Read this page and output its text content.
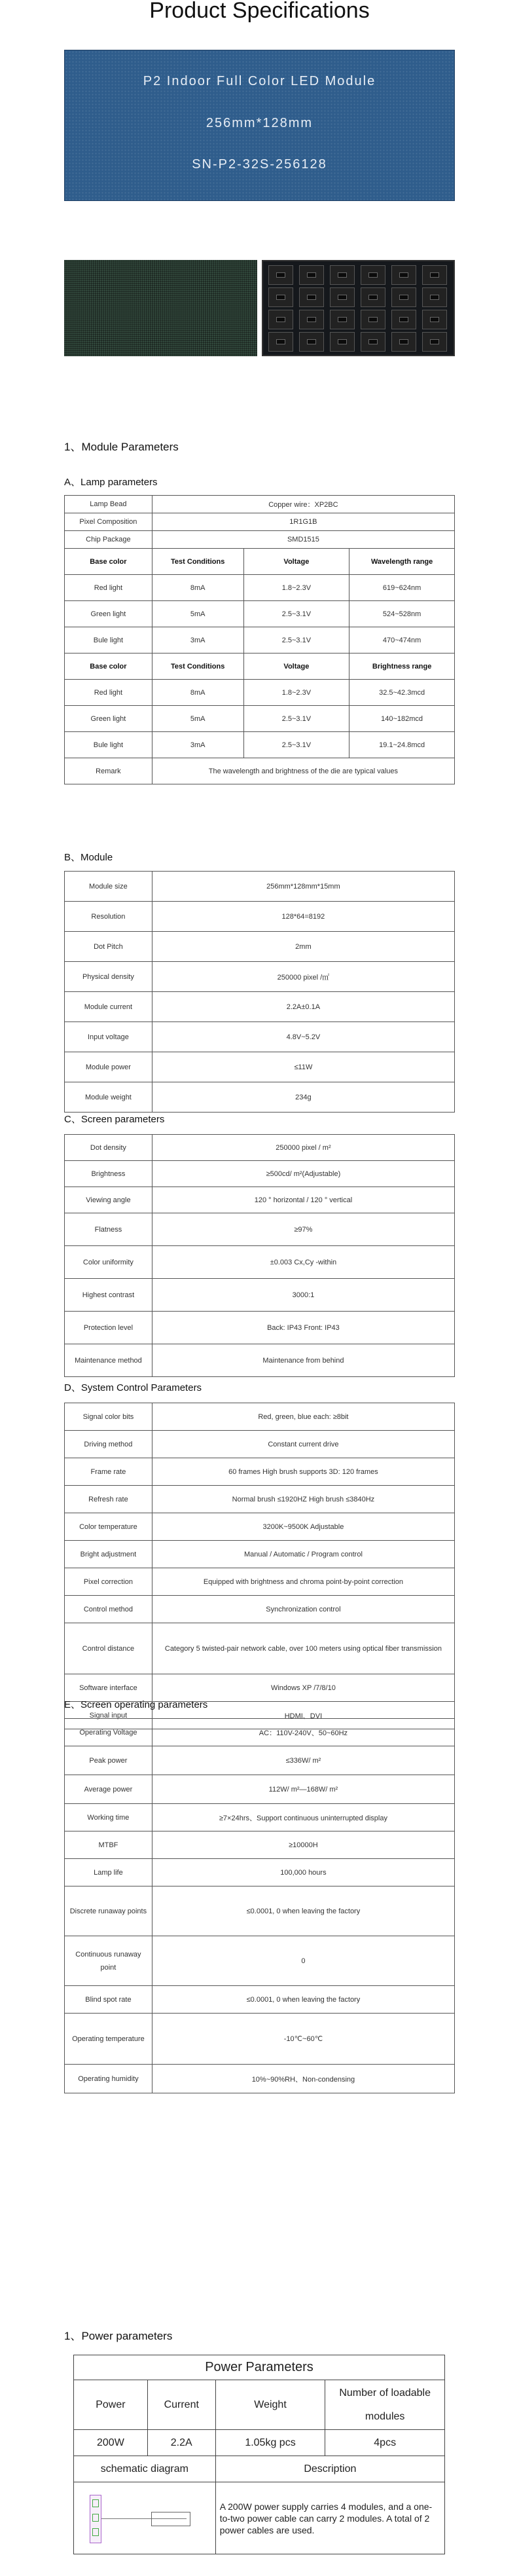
Product Specifications
P2 Indoor Full Color LED Module
256mm*128mm
SN-P2-32S-256128
1、Module Parameters
A、Lamp parameters
Lamp Bead	Copper wire：XP2BC		
Pixel Composition	1R1G1B		
Chip Package	SMD1515		
Base color	Test Conditions	Voltage	Wavelength range
Red light	8mA	1.8~2.3V	619~624nm
Green light	5mA	2.5~3.1V	524~528nm
Bule light	3mA	2.5~3.1V	470~474nm
Base color	Test Conditions	Voltage	Brightness range
Red light	8mA	1.8~2.3V	32.5~42.3mcd
Green light	5mA	2.5~3.1V	140~182mcd
Bule light	3mA	2.5~3.1V	19.1~24.8mcd
Remark	The wavelength and brightness of the die are typical values		
B、Module
Module size	256mm*128mm*15mm
Resolution	128*64=8192
Dot Pitch	2mm
Physical density	250000 pixel /㎡
Module current	2.2A±0.1A
Input voltage	4.8V~5.2V
Module power	≤11W
Module weight	234g
C、Screen parameters
Dot density	250000 pixel / m²
Brightness	≥500cd/ m²(Adjustable)
Viewing angle	120 ° horizontal / 120 ° vertical
Flatness	≥97%
Color uniformity	±0.003 Cx,Cy -within
Highest contrast	3000:1
Protection level	Back: IP43 Front: IP43
Maintenance method	Maintenance from behind
D、System Control Parameters
Signal color bits	Red, green, blue each: ≥8bit
Driving method	Constant current drive
Frame rate	60 frames High brush supports 3D: 120 frames
Refresh rate	Normal brush ≤1920HZ High brush ≤3840Hz
Color temperature	3200K~9500K Adjustable
Bright adjustment	Manual / Automatic / Program control
Pixel correction	Equipped with brightness and chroma point-by-point correction
Control method	Synchronization control
Control distance	Category 5 twisted-pair network cable, over 100 meters using optical fiber transmission
Software interface	Windows XP /7/8/10
Signal input	HDMI、DVI
E、Screen operating parameters
Operating Voltage	AC：110V-240V、50~60Hz
Peak power	≤336W/ m²
Average power	112W/ m²—168W/ m²
Working time	≥7×24hrs、Support continuous uninterrupted display
MTBF	≥10000H
Lamp life	100,000 hours
Discrete runaway points	≤0.0001, 0 when leaving the factory
Continuous runaway point	0
Blind spot rate	≤0.0001, 0 when leaving the factory
Operating temperature	-10℃~60℃
Operating humidity	10%~90%RH、Non-condensing
1、Power parameters
Power Parameters			
Power	Current	Weight	Number of loadable modules
200W	2.2A	1.05kg pcs	4pcs
schematic diagram		Description	

		A 200W power supply carries 4 modules, and a one-to-two power cable can carry 2 modules. A total of 2 power cables are used.	
